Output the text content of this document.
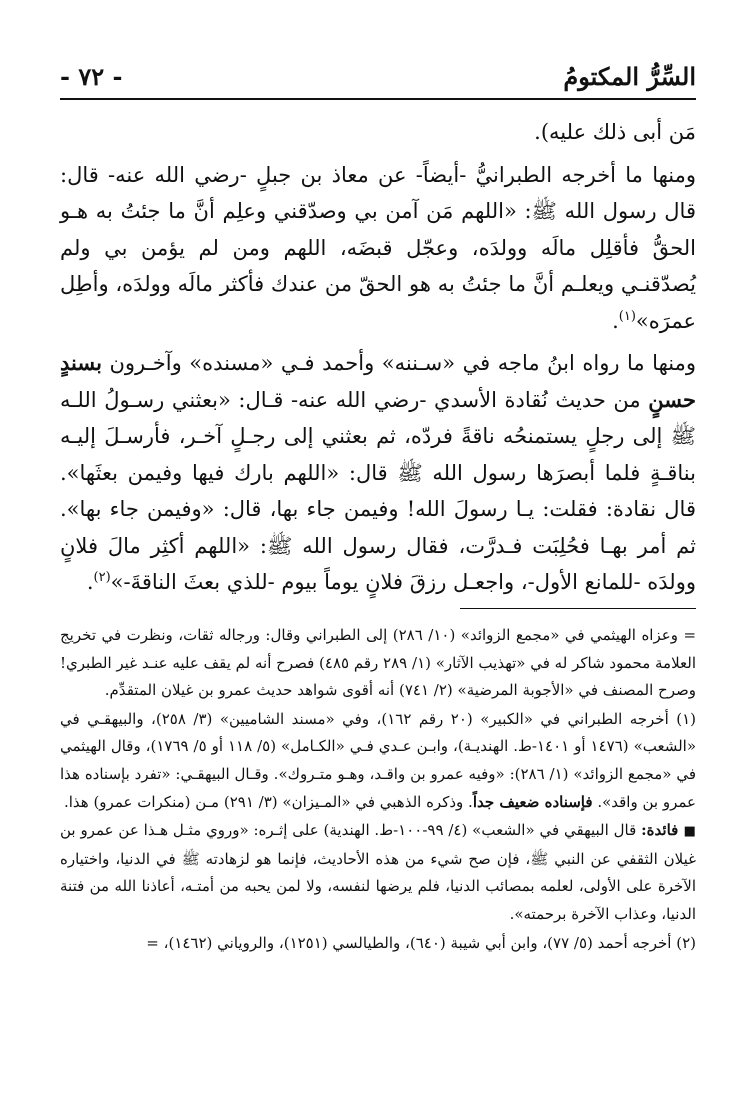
السِّرُّ المكتومُ
- ٧٢ -

مَن أبى ذلك عليه).

ومنها ما أخرجه الطبرانيُّ -أيضاً- عن معاذ بن جبلٍ -رضي الله عنه- قال: قال رسول الله ﷺ: «اللهم مَن آمن بي وصدّقني وعلِم أنَّ ما جئتُ به هـو الحقُّ فأقلِل مالَه وولدَه، وعجّل قبضَه، اللهم ومن لم يؤمن بي ولم يُصدّقنـي ويعلـم أنَّ ما جئتُ به هو الحقّ من عندك فأكثر مالَه وولدَه، وأطِل عمرَه»$^{(١)}$.

ومنها ما رواه ابنُ ماجه في «سـننه» وأحمد فـي «مسنده» وآخـرون بسندٍ حسنٍ من حديث نُقادة الأسدي -رضي الله عنه- قـال: «بعثني رسـولُ اللـه ﷺ إلى رجلٍ يستمنحُه ناقةً فردّه، ثم بعثني إلى رجـلٍ آخـر، فأرسـلَ إليـه بناقـةٍ فلما أبصرَها رسول الله ﷺ قال: «اللهم بارك فيها وفيمن بعثَها». قال نقادة: فقلت: يـا رسولَ الله! وفيمن جاء بها، قال: «وفيمن جاء بها». ثم أمر بهـا فحُلِبَت فـدرَّت، فقال رسول الله ﷺ: «اللهم أكثِر مالَ فلانٍ وولدَه -للمانع الأول-، واجعـل رزقَ فلانٍ يوماً بيوم -للذي بعثَ الناقةَ-»$^{(٢)}$.

= وعزاه الهيثمي في «مجمع الزوائد» (١٠/ ٢٨٦) إلى الطبراني وقال: ورجاله ثقات، ونظرت في تخريج العلامة محمود شاكر له في «تهذيب الآثار» (١/ ٢٨٩ رقم ٤٨٥) فصرح أنه لم يقف عليه عنـد غير الطبري! وصرح المصنف في «الأجوبة المرضية» (٢/ ٧٤١) أنه أقوى شواهد حديث عمرو بن غيلان المتقدِّم.

(١) أخرجه الطبراني في «الكبير» (٢٠ رقم ١٦٢)، وفي «مسند الشاميين» (٣/ ٢٥٨)، والبيهقـي في «الشعب» (١٤٧٦ أو ١٤٠١-ط. الهنديـة)، وابـن عـدي فـي «الكـامل» (٥/ ١١٨ أو ٥/ ١٧٦٩)، وقال الهيثمي في «مجمع الزوائد» (١/ ٢٨٦): «وفيه عمرو بن واقـد، وهـو متـروك». وقـال البيهقـي: «تفرد بإسناده هذا عمرو بن واقد». فإسناده ضعيف جداً. وذكره الذهبي في «المـيزان» (٣/ ٢٩١) مـن (منكرات عمرو) هذا.

■ فائدة: قال البيهقي في «الشعب» (٤/ ٩٩-١٠٠-ط. الهندية) على إثـره: «وروي مثـل هـذا عن عمرو بن غيلان الثقفي عن النبي ﷺ، فإن صح شيء من هذه الأحاديث، فإنما هو لزهادته ﷺ في الدنيا، واختياره الآخرة على الأولى، لعلمه بمصائب الدنيا، فلم يرضها لنفسه، ولا لمن يحبه من أمتـه، أعاذنا الله من فتنة الدنيا، وعذاب الآخرة برحمته».

(٢) أخرجه أحمد (٥/ ٧٧)، وابن أبي شيبة (٦٤٠)، والطيالسي (١٢٥١)، والروياني (١٤٦٢)، =
